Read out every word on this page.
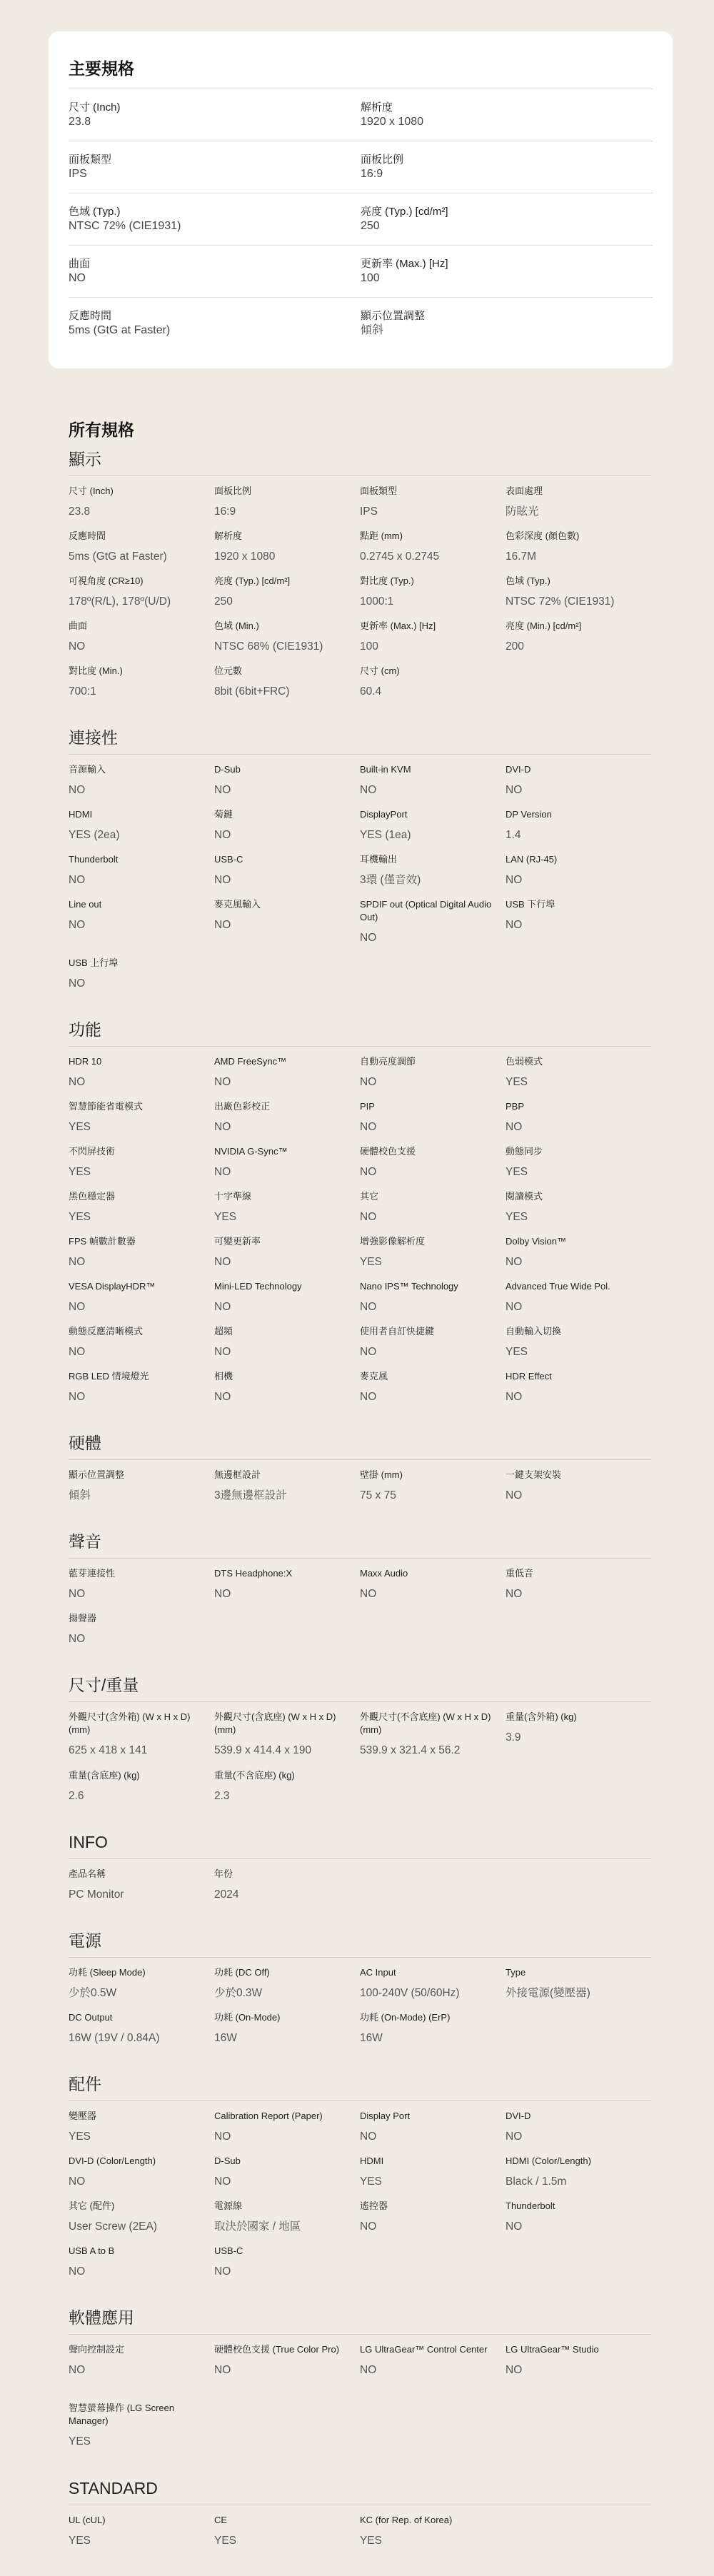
主要規格
尺寸 (Inch)
23.8
解析度
1920 x 1080
面板類型
IPS
面板比例
16:9
色域 (Typ.)
NTSC 72% (CIE1931)
亮度 (Typ.) [cd/m²]
250
曲面
NO
更新率 (Max.) [Hz]
100
反應時間
5ms (GtG at Faster)
顯示位置調整
傾斜
所有規格
顯示
尺寸 (Inch)
23.8
面板比例
16:9
面板類型
IPS
表面處理
防眩光
反應時間
5ms (GtG at Faster)
解析度
1920 x 1080
點距 (mm)
0.2745 x 0.2745
色彩深度 (顏色數)
16.7M
可視角度 (CR≥10)
178º(R/L), 178º(U/D)
亮度 (Typ.) [cd/m²]
250
對比度 (Typ.)
1000:1
色域 (Typ.)
NTSC 72% (CIE1931)
曲面
NO
色域 (Min.)
NTSC 68% (CIE1931)
更新率 (Max.) [Hz]
100
亮度 (Min.) [cd/m²]
200
對比度 (Min.)
700:1
位元數
8bit (6bit+FRC)
尺寸 (cm)
60.4
連接性
音源輸入
NO
D-Sub
NO
Built-in KVM
NO
DVI-D
NO
HDMI
YES (2ea)
菊鏈
NO
DisplayPort
YES (1ea)
DP Version
1.4
Thunderbolt
NO
USB-C
NO
耳機輸出
3環 (僅音效)
LAN (RJ-45)
NO
Line out
NO
麥克風輸入
NO
SPDIF out (Optical Digital Audio Out)
NO
USB 下行埠
NO
USB 上行埠
NO
功能
HDR 10
NO
AMD FreeSync™
NO
自動亮度調節
NO
色弱模式
YES
智慧節能省電模式
YES
出廠色彩校正
NO
PIP
NO
PBP
NO
不閃屏技術
YES
NVIDIA G-Sync™
NO
硬體校色支援
NO
動態同步
YES
黑色穩定器
YES
十字準線
YES
其它
NO
閱讀模式
YES
FPS 幀數計數器
NO
可變更新率
NO
增強影像解析度
YES
Dolby Vision™
NO
VESA DisplayHDR™
NO
Mini-LED Technology
NO
Nano IPS™ Technology
NO
Advanced True Wide Pol.
NO
動態反應清晰模式
NO
超頻
NO
使用者自訂快捷鍵
NO
自動輸入切換
YES
RGB LED 情境燈光
NO
相機
NO
麥克風
NO
HDR Effect
NO
硬體
顯示位置調整
傾斜
無邊框設計
3邊無邊框設計
壁掛 (mm)
75 x 75
一鍵支架安裝
NO
聲音
藍芽連接性
NO
DTS Headphone:X
NO
Maxx Audio
NO
重低音
NO
揚聲器
NO
尺寸/重量
外觀尺寸(含外箱) (W x H x D) (mm)
625 x 418 x 141
外觀尺寸(含底座) (W x H x D) (mm)
539.9 x 414.4 x 190
外觀尺寸(不含底座) (W x H x D) (mm)
539.9 x 321.4 x 56.2
重量(含外箱) (kg)
3.9
重量(含底座) (kg)
2.6
重量(不含底座) (kg)
2.3
INFO
產品名稱
PC Monitor
年份
2024
電源
功耗 (Sleep Mode)
少於0.5W
功耗 (DC Off)
少於0.3W
AC Input
100-240V (50/60Hz)
Type
外接電源(變壓器)
DC Output
16W (19V / 0.84A)
功耗 (On-Mode)
16W
功耗 (On-Mode) (ErP)
16W
配件
變壓器
YES
Calibration Report (Paper)
NO
Display Port
NO
DVI-D
NO
DVI-D (Color/Length)
NO
D-Sub
NO
HDMI
YES
HDMI (Color/Length)
Black / 1.5m
其它 (配件)
User Screw (2EA)
電源線
取決於國家 / 地區
遙控器
NO
Thunderbolt
NO
USB A to B
NO
USB-C
NO
軟體應用
聲向控制設定
NO
硬體校色支援 (True Color Pro)
NO
LG UltraGear™ Control Center
NO
LG UltraGear™ Studio
NO
智慧螢幕操作 (LG Screen Manager)
YES
STANDARD
UL (cUL)
YES
CE
YES
KC (for Rep. of Korea)
YES
